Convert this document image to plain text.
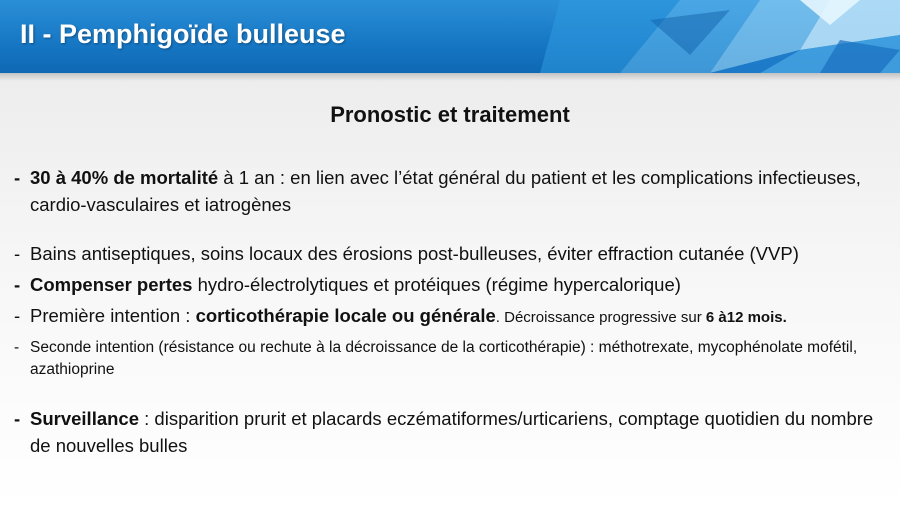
II - Pemphigoïde bulleuse
Pronostic et traitement
- 30 à 40% de mortalité à 1 an : en lien avec l’état général du patient et les complications infectieuses, cardio-vasculaires et iatrogènes
- Bains antiseptiques, soins locaux des érosions post-bulleuses, éviter effraction cutanée (VVP)
- Compenser pertes hydro-électrolytiques et protéiques (régime hypercalorique)
- Première intention : corticothérapie locale ou générale. Décroissance progressive sur 6 à12 mois.
- Seconde intention (résistance ou rechute à la décroissance de la corticothérapie) : méthotrexate, mycophénolate mofétil, azathioprine
- Surveillance : disparition prurit et placards eczématiformes/urticariens, comptage quotidien du nombre de nouvelles bulles
